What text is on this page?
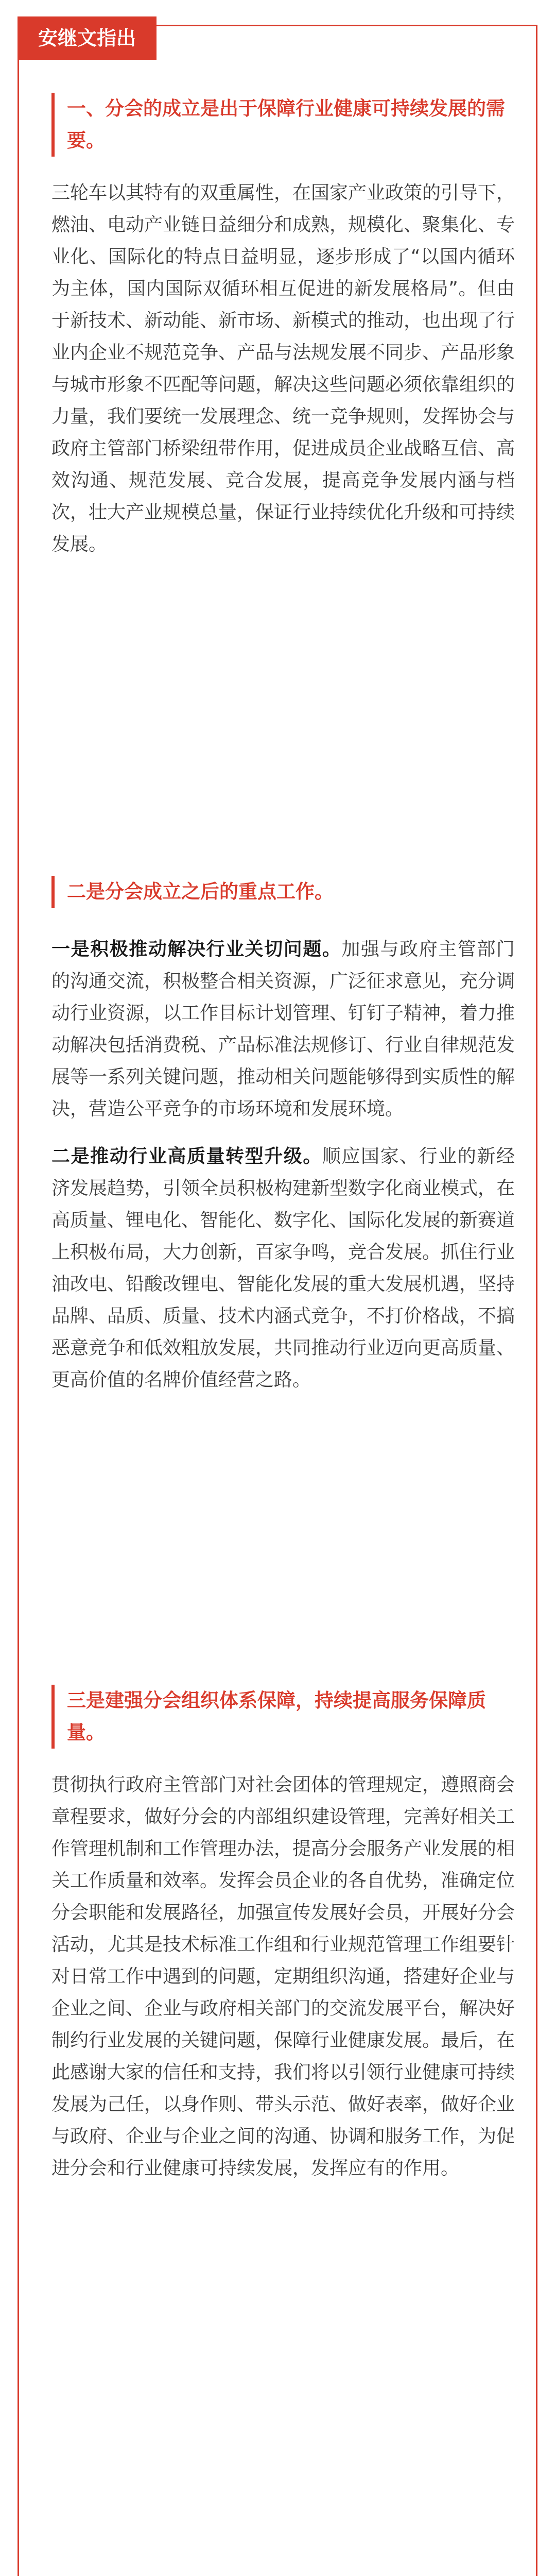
安继文指出
一、分会的成立是出于保障行业健康可持续发展的需要。
三轮车以其特有的双重属性，在国家产业政策的引导下，燃油、电动产业链日益细分和成熟，规模化、聚集化、专业化、国际化的特点日益明显，逐步形成了“以国内循环为主体，国内国际双循环相互促进的新发展格局”。但由于新技术、新动能、新市场、新模式的推动，也出现了行业内企业不规范竞争、产品与法规发展不同步、产品形象与城市形象不匹配等问题，解决这些问题必须依靠组织的力量，我们要统一发展理念、统一竞争规则，发挥协会与政府主管部门桥梁纽带作用，促进成员企业战略互信、高效沟通、规范发展、竞合发展，提高竞争发展内涵与档次，壮大产业规模总量，保证行业持续优化升级和可持续发展。
二是分会成立之后的重点工作。
一是积极推动解决行业关切问题。加强与政府主管部门的沟通交流，积极整合相关资源，广泛征求意见，充分调动行业资源，以工作目标计划管理、钉钉子精神，着力推动解决包括消费税、产品标准法规修订、行业自律规范发展等一系列关键问题，推动相关问题能够得到实质性的解决，营造公平竞争的市场环境和发展环境。
二是推动行业高质量转型升级。顺应国家、行业的新经济发展趋势，引领全员积极构建新型数字化商业模式，在高质量、锂电化、智能化、数字化、国际化发展的新赛道上积极布局，大力创新，百家争鸣，竞合发展。抓住行业油改电、铅酸改锂电、智能化发展的重大发展机遇，坚持品牌、品质、质量、技术内涵式竞争，不打价格战，不搞恶意竞争和低效粗放发展，共同推动行业迈向更高质量、更高价值的名牌价值经营之路。
三是建强分会组织体系保障，持续提高服务保障质量。
贯彻执行政府主管部门对社会团体的管理规定，遵照商会章程要求，做好分会的内部组织建设管理，完善好相关工作管理机制和工作管理办法，提高分会服务产业发展的相关工作质量和效率。发挥会员企业的各自优势，准确定位分会职能和发展路径，加强宣传发展好会员，开展好分会活动，尤其是技术标准工作组和行业规范管理工作组要针对日常工作中遇到的问题，定期组织沟通，搭建好企业与企业之间、企业与政府相关部门的交流发展平台，解决好制约行业发展的关键问题，保障行业健康发展。最后，在此感谢大家的信任和支持，我们将以引领行业健康可持续发展为己任，以身作则、带头示范、做好表率，做好企业与政府、企业与企业之间的沟通、协调和服务工作，为促进分会和行业健康可持续发展，发挥应有的作用。
